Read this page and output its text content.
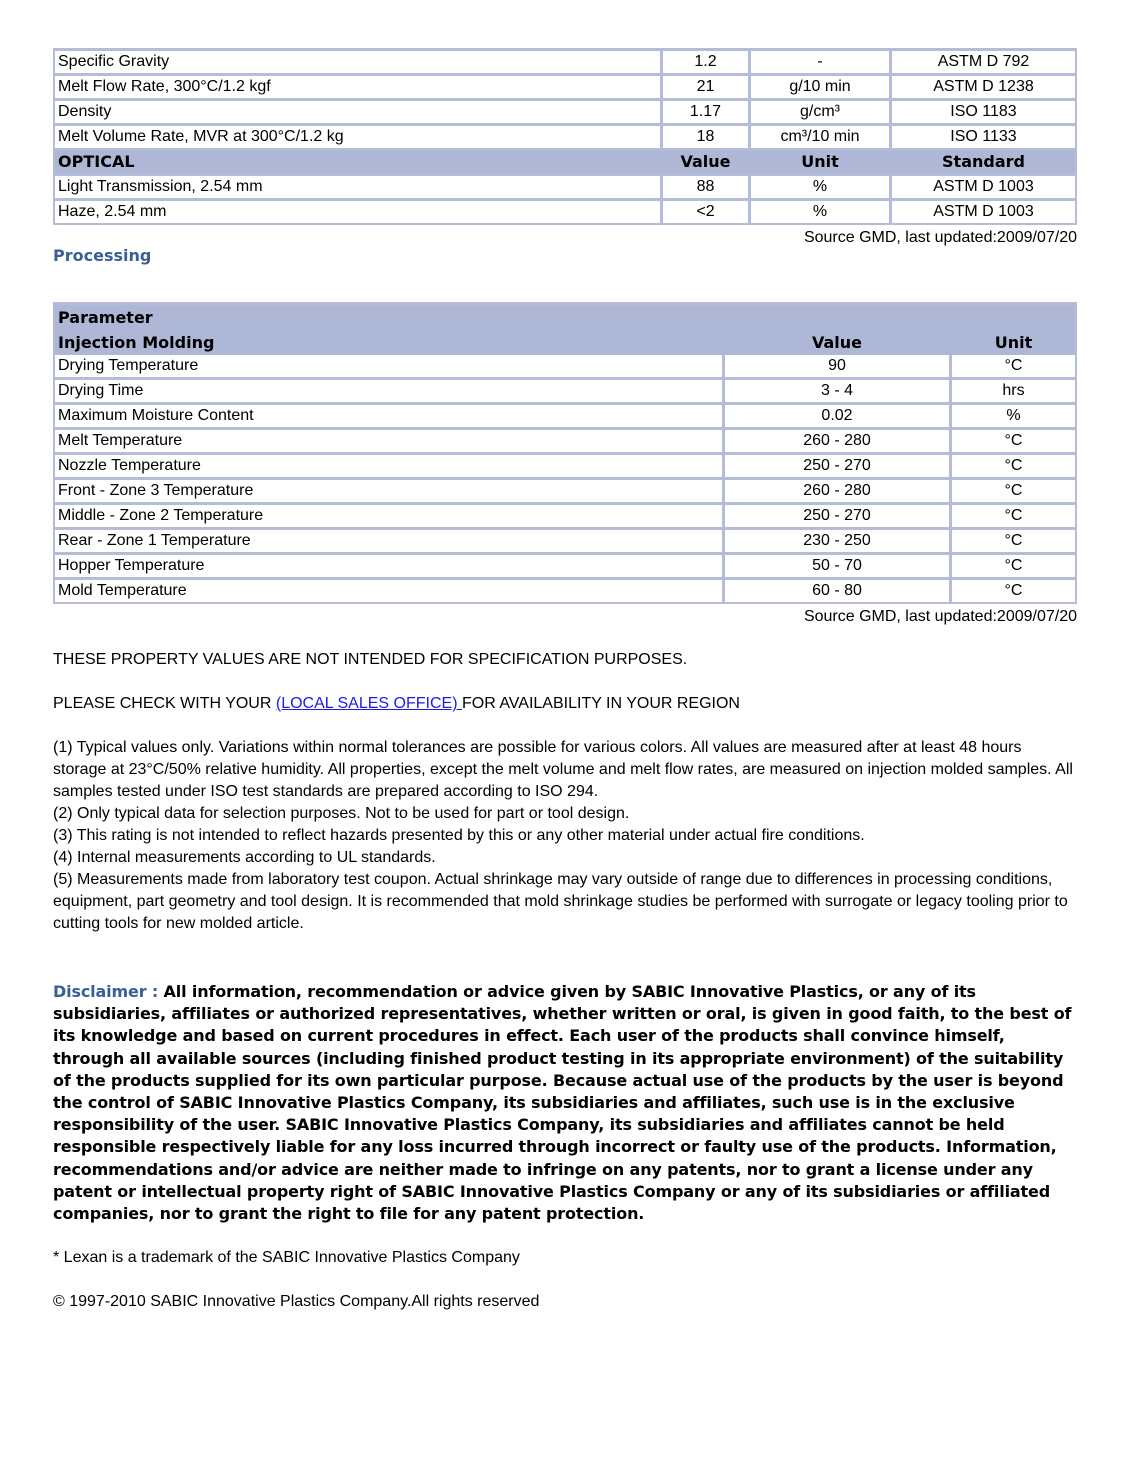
Specific Gravity	1.2	-	ASTM D 792
Melt Flow Rate, 300°C/1.2 kgf	21	g/10 min	ASTM D 1238
Density	1.17	g/cm³	ISO 1183
Melt Volume Rate, MVR at 300°C/1.2 kg	18	cm³/10 min	ISO 1133
OPTICAL	Value	Unit	Standard
Light Transmission, 2.54 mm	88	%	ASTM D 1003
Haze, 2.54 mm	<2	%	ASTM D 1003
Source GMD, last updated:2009/07/20
Processing
Parameter		
Injection Molding	Value	Unit
Drying Temperature	90	°C
Drying Time	3 - 4	hrs
Maximum Moisture Content	0.02	%
Melt Temperature	260 - 280	°C
Nozzle Temperature	250 - 270	°C
Front - Zone 3 Temperature	260 - 280	°C
Middle - Zone 2 Temperature	250 - 270	°C
Rear - Zone 1 Temperature	230 - 250	°C
Hopper Temperature	50 - 70	°C
Mold Temperature	60 - 80	°C
Source GMD, last updated:2009/07/20

THESE PROPERTY VALUES ARE NOT INTENDED FOR SPECIFICATION PURPOSES.

PLEASE CHECK WITH YOUR (LOCAL SALES OFFICE) FOR AVAILABILITY IN YOUR REGION

(1) Typical values only. Variations within normal tolerances are possible for various colors. All values are measured after at least 48 hours storage at 23°C/50% relative humidity. All properties, except the melt volume and melt flow rates, are measured on injection molded samples. All samples tested under ISO test standards are prepared according to ISO 294.

(2) Only typical data for selection purposes. Not to be used for part or tool design.

(3) This rating is not intended to reflect hazards presented by this or any other material under actual fire conditions.

(4) Internal measurements according to UL standards.

(5) Measurements made from laboratory test coupon. Actual shrinkage may vary outside of range due to differences in processing conditions, equipment, part geometry and tool design. It is recommended that mold shrinkage studies be performed with surrogate or legacy tooling prior to cutting tools for new molded article.

Disclaimer : All information, recommendation or advice given by SABIC Innovative Plastics, or any of its subsidiaries, affiliates or authorized representatives, whether written or oral, is given in good faith, to the best of its knowledge and based on current procedures in effect. Each user of the products shall convince himself, through all available sources (including finished product testing in its appropriate environment) of the suitability of the products supplied for its own particular purpose. Because actual use of the products by the user is beyond the control of SABIC Innovative Plastics Company, its subsidiaries and affiliates, such use is in the exclusive responsibility of the user. SABIC Innovative Plastics Company, its subsidiaries and affiliates cannot be held responsible respectively liable for any loss incurred through incorrect or faulty use of the products. Information, recommendations and/or advice are neither made to infringe on any patents, nor to grant a license under any patent or intellectual property right of SABIC Innovative Plastics Company or any of its subsidiaries or affiliated companies, nor to grant the right to file for any patent protection.

* Lexan is a trademark of the SABIC Innovative Plastics Company

© 1997-2010 SABIC Innovative Plastics Company.All rights reserved
